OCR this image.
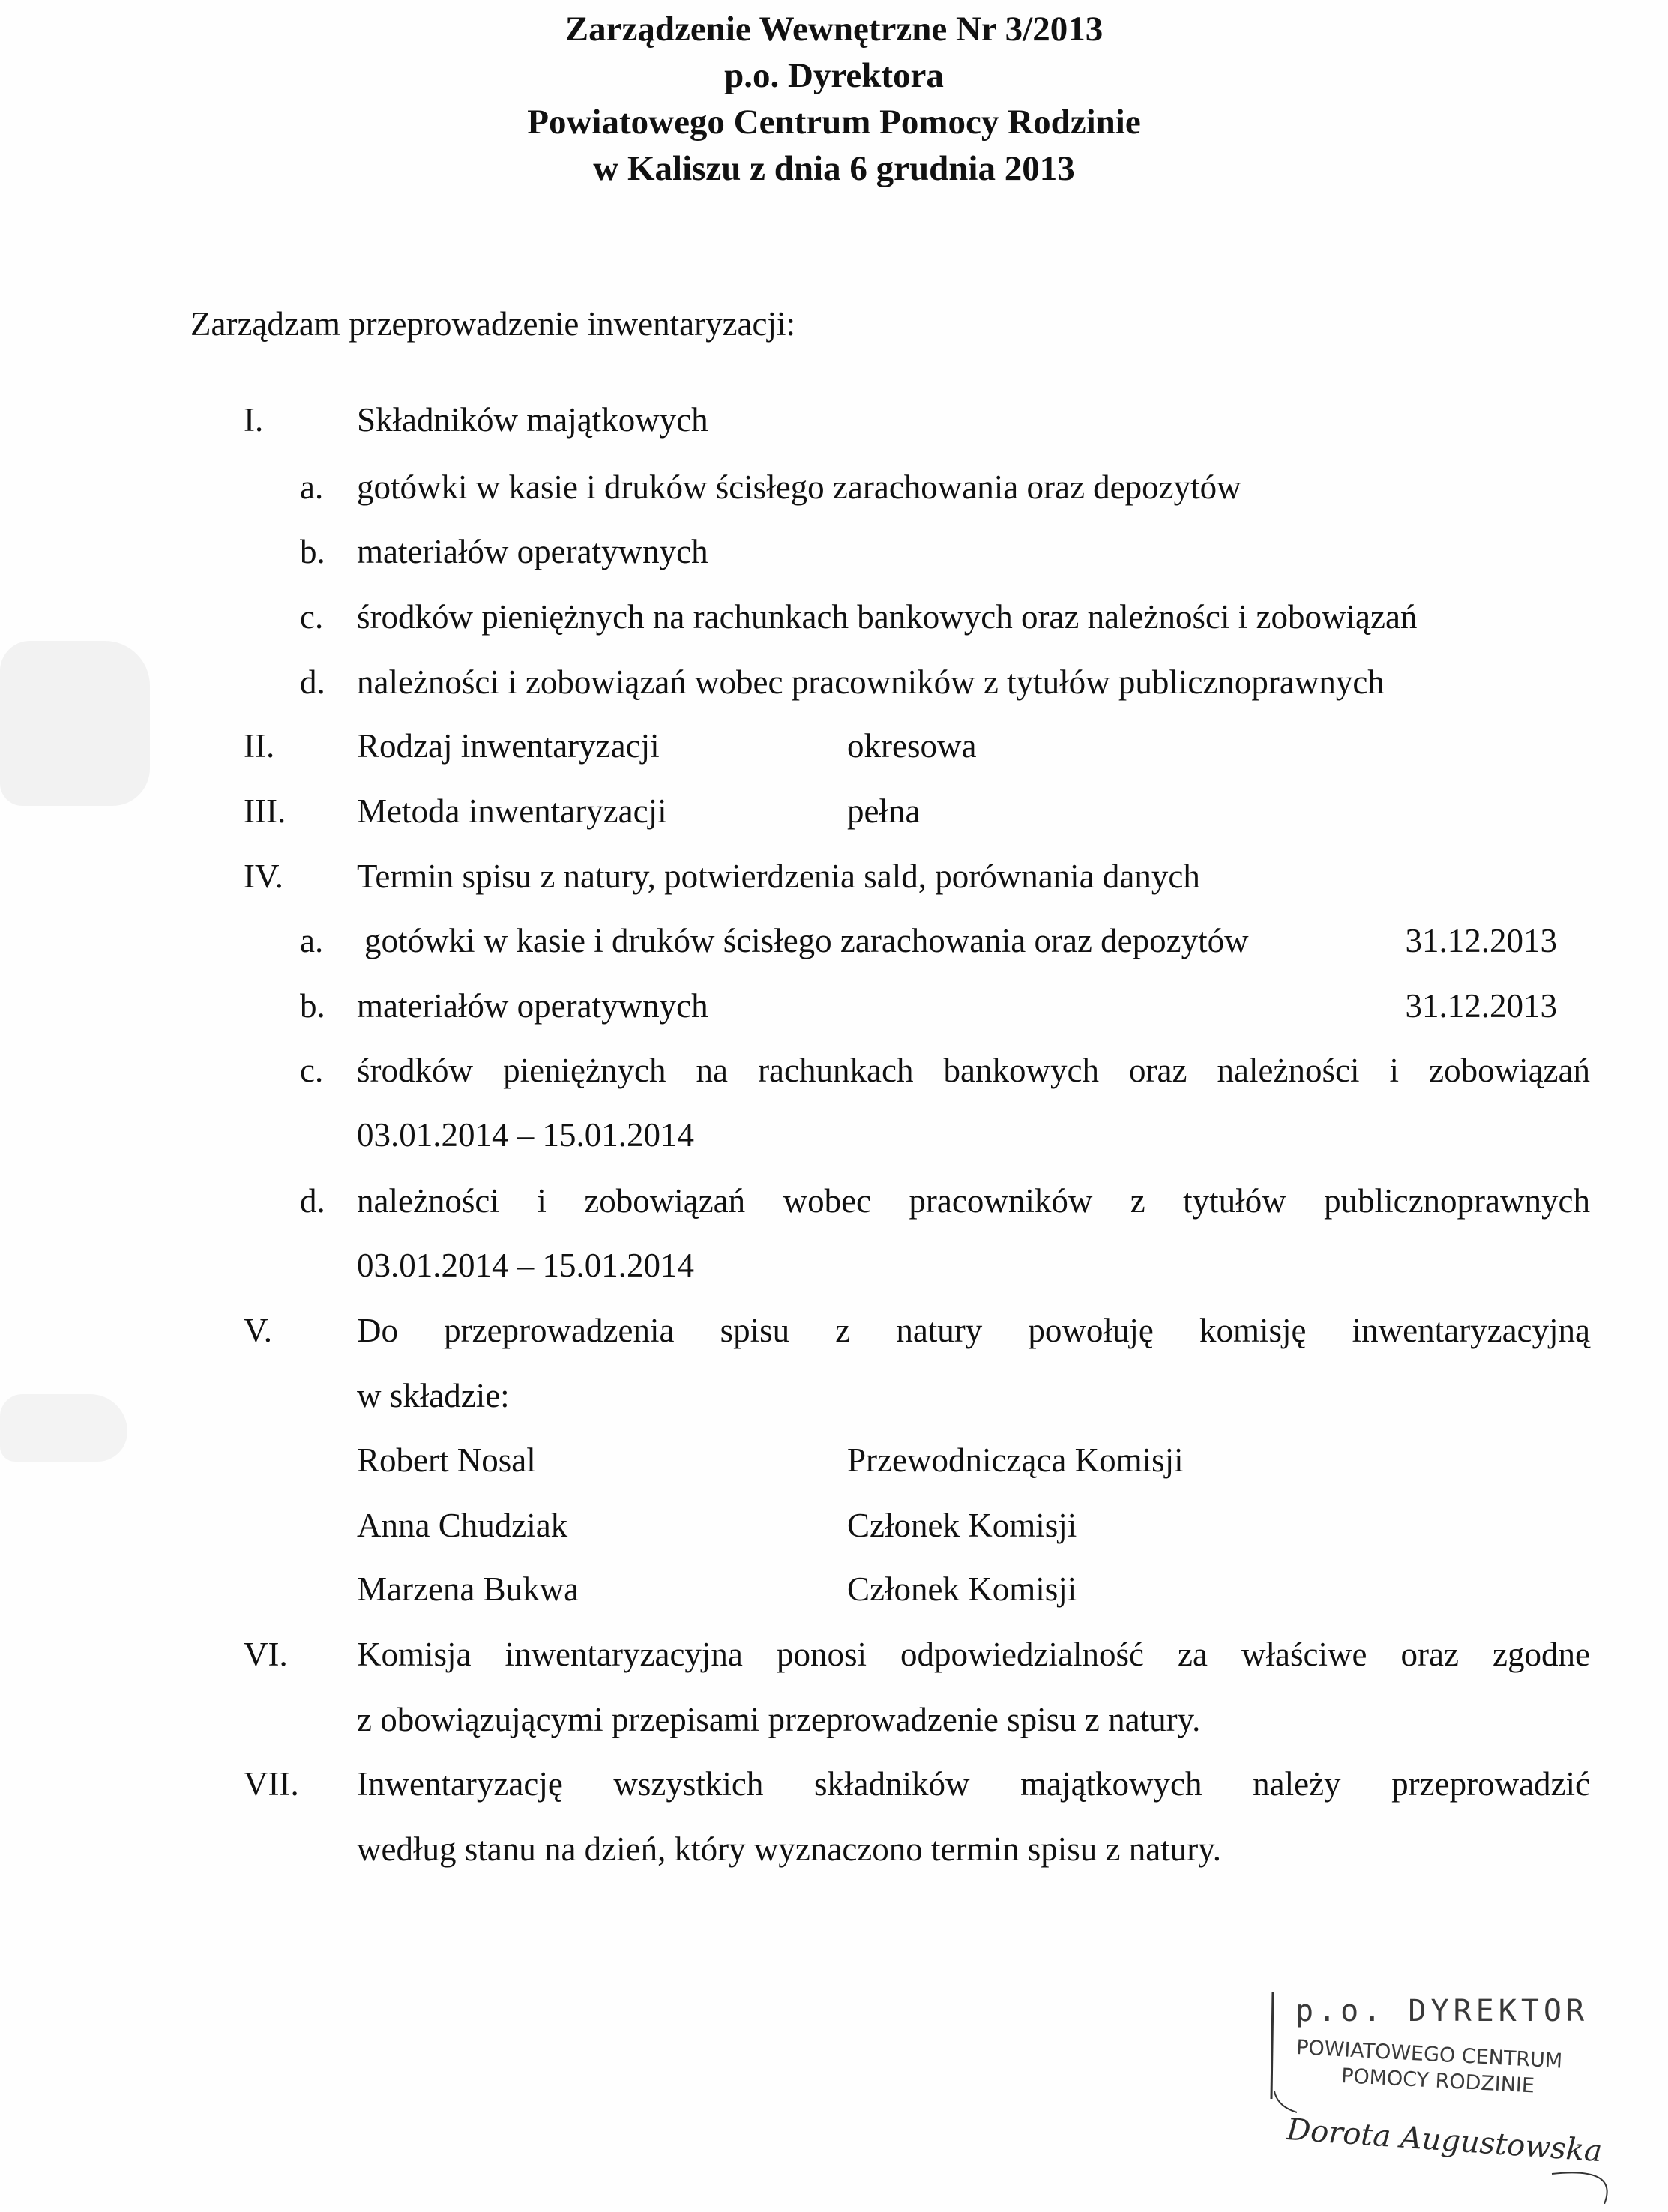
Zarządzenie Wewnętrzne Nr 3/2013
p.o. Dyrektora
Powiatowego Centrum Pomocy Rodzinie
w Kaliszu z dnia 6 grudnia 2013
Zarządzam przeprowadzenie inwentaryzacji:
I.	Składników majątkowych
a. gotówki w kasie i druków ścisłego zarachowania oraz depozytów
b. materiałów operatywnych
c. środków pieniężnych na rachunkach bankowych oraz należności i zobowiązań
d. należności i zobowiązań wobec pracowników z tytułów publicznoprawnych
II. Rodzaj inwentaryzacji	okresowa
III. Metoda inwentaryzacji	pełna
IV. Termin spisu z natury, potwierdzenia sald, porównania danych
a. gotówki w kasie i druków ścisłego zarachowania oraz depozytów	31.12.2013
b. materiałów operatywnych	31.12.2013
c. środków pieniężnych na rachunkach bankowych oraz należności i zobowiązań
03.01.2014 – 15.01.2014
d. należności i zobowiązań wobec pracowników z tytułów publicznoprawnych
03.01.2014 – 15.01.2014
V.	Do przeprowadzenia spisu z natury powołuję komisję inwentaryzacyjną
w składzie:
Robert Nosal	Przewodnicząca Komisji
Anna Chudziak	Członek Komisji
Marzena Bukwa	Członek Komisji
VI. Komisja inwentaryzacyjna ponosi odpowiedzialność za właściwe oraz zgodne
z obowiązującymi przepisami przeprowadzenie spisu z natury.
VII. Inwentaryzację wszystkich składników majątkowych należy przeprowadzić
według stanu na dzień, który wyznaczono termin spisu z natury.
p.o. DYREKTOR
POWIATOWEGO CENTRUM
POMOCY RODZINIE
Dorota Augustowska
